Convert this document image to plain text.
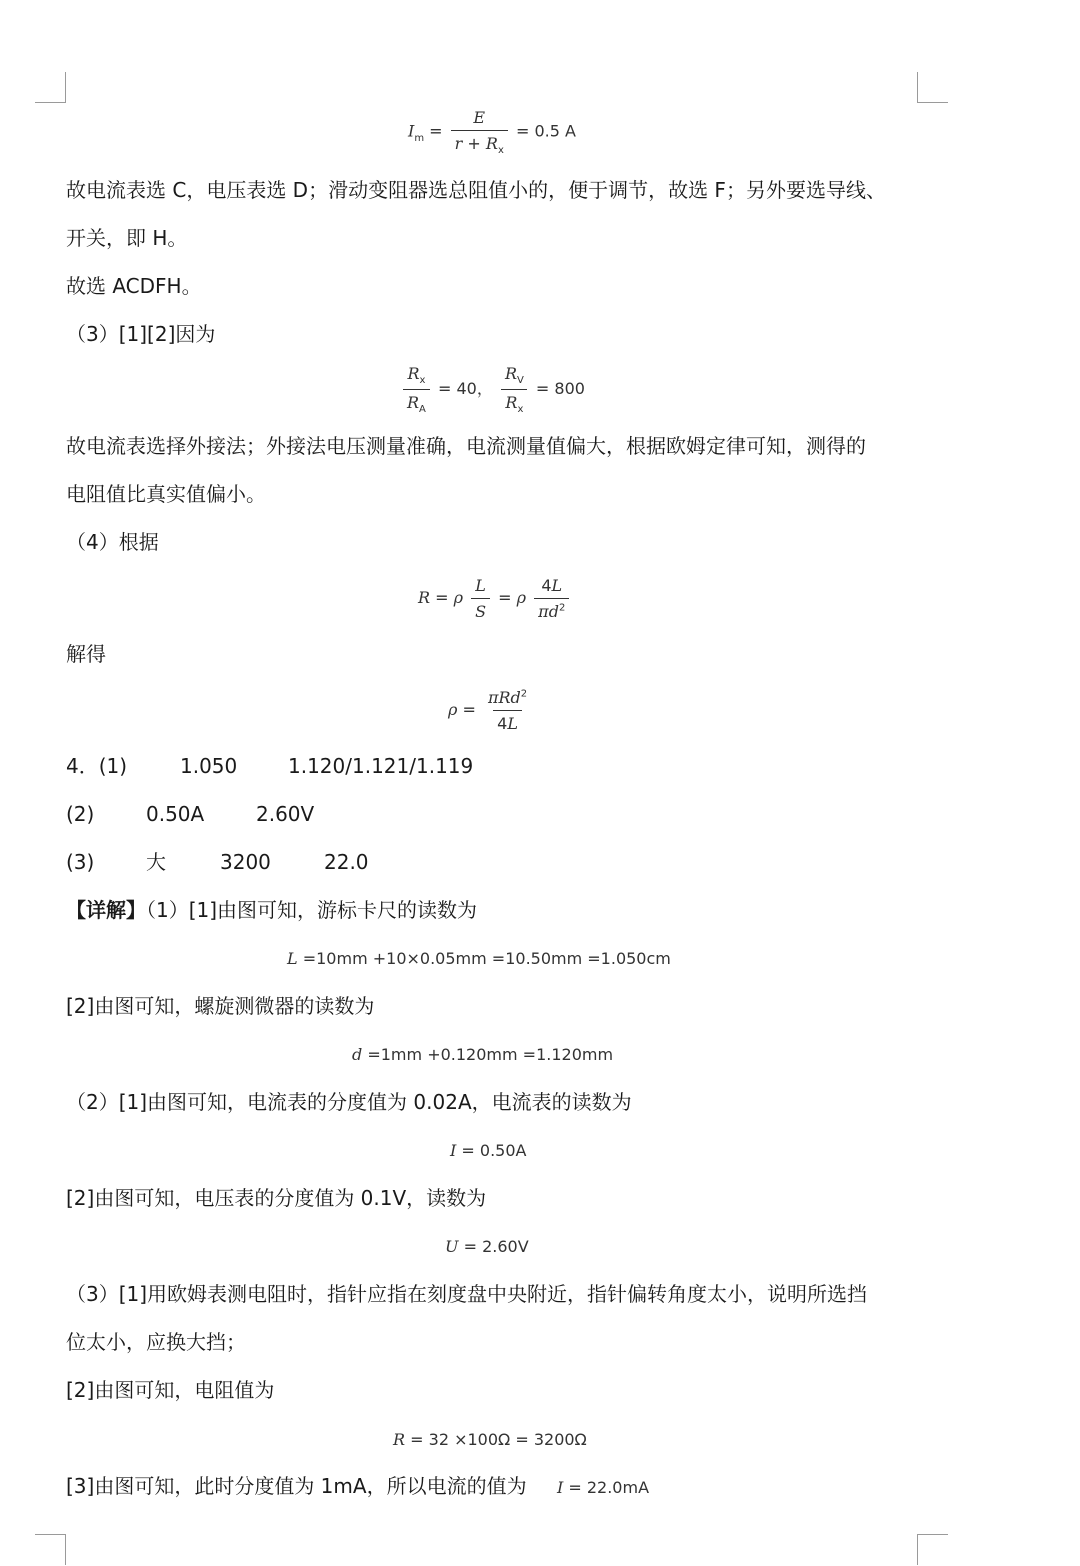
$I_m = \frac{E}{r + R_x} = 0.5$ A
故电流表选 C，电压表选 D；滑动变阻器选总阻值小的，便于调节，故选 F；另外要选导线、
开关，即 H。
故选 ACDFH。
（3）[1][2]因为
$\frac{R_x}{R_A} = 40$， $\frac{R_V}{R_x} = 800$
故电流表选择外接法；外接法电压测量准确，电流测量值偏大，根据欧姆定律可知，测得的
电阻值比真实值偏小。
（4）根据
R = ρ $\frac{L}{S} = \rho \frac{4L}{\pi d^2}$
解得
$\rho = \frac{\pi Rd^2}{4L}$
4．(1)	1.050	1.120/1.121/1.119
(2)	0.50A	2.60V
(3)	大	3200	22.0
【详解】（1）[1]由图可知，游标卡尺的读数为
L =10mm +10×0.05mm =10.50mm =1.050cm
[2]由图可知，螺旋测微器的读数为
d =1mm +0.120mm =1.120mm
（2）[1]由图可知，电流表的分度值为 0.02A，电流表的读数为
I = 0.50A
[2]由图可知，电压表的分度值为 0.1V，读数为
U = 2.60V
（3）[1]用欧姆表测电阻时，指针应指在刻度盘中央附近，指针偏转角度太小，说明所选挡
位太小，应换大挡；
[2]由图可知，电阻值为
R = 32 ×100Ω = 3200Ω
[3]由图可知，此时分度值为 1mA，所以电流的值为 I = 22.0mA
